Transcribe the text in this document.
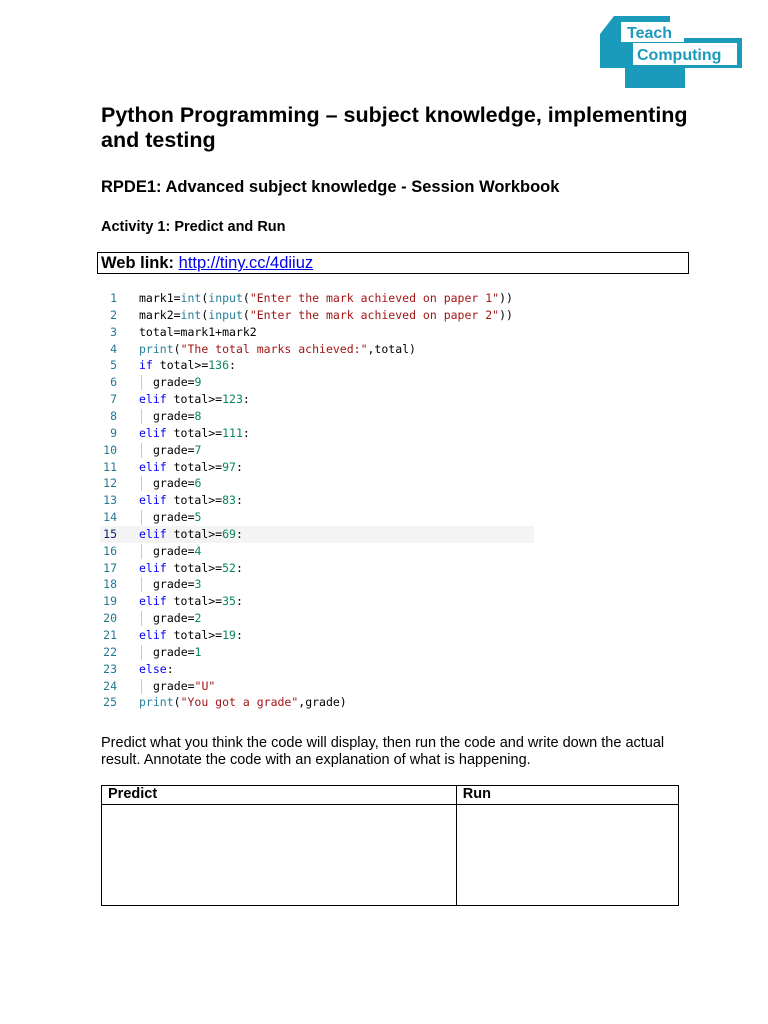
Teach
Computing
Python Programming – subject knowledge, implementing and testing
RPDE1: Advanced subject knowledge - Session Workbook
Activity 1: Predict and Run
Web link: http://tiny.cc/4diiuz
1 mark1=int(input("Enter the mark achieved on paper 1"))
2 mark2=int(input("Enter the mark achieved on paper 2"))
3 total=mark1+mark2
4 print("The total marks achieved:",total)
5 if total>=136:
6	grade=9
7 elif total>=123:
8	grade=8
9 elif total>=111:
10	grade=7
11 elif total>=97:
12	grade=6
13 elif total>=83:
14	grade=5
15 elif total>=69:
16	grade=4
17 elif total>=52:
18	grade=3
19 elif total>=35:
20	grade=2
21 elif total>=19:
22	grade=1
23 else:
24	grade="U"
25 print("You got a grade",grade)

Predict what you think the code will display, then run the code and write down the actual result. Annotate the code with an explanation of what is happening.

Predict	Run
